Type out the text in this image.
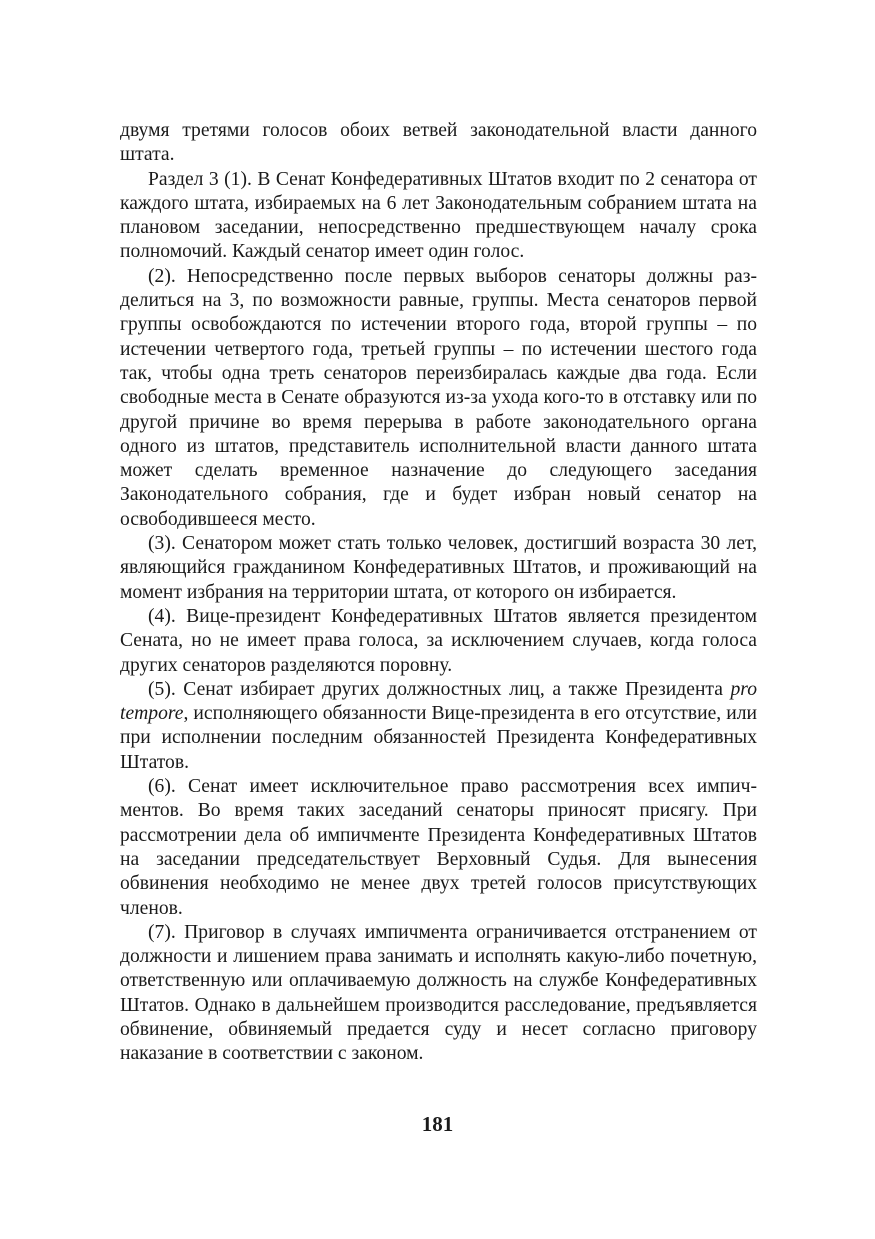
двумя третями голосов обоих ветвей законодательной власти данного штата.

Раздел 3 (1). В Сенат Конфедеративных Штатов входит по 2 сенатора от каждого штата, избираемых на 6 лет Законодательным собранием штата на плановом заседании, непосредственно предшествующем началу срока полномочий. Каждый сенатор имеет один голос.

(2). Непосредственно после первых выборов сенаторы должны разделиться на 3, по возможности равные, группы. Места сенаторов первой группы освобождаются по истечении второго года, второй группы – по истечении четвертого года, третьей группы – по истечении шестого года так, чтобы одна треть сенаторов переизбиралась каждые два года. Если свободные места в Сенате образуются из-за ухода кого-то в отставку или по другой причине во время перерыва в работе законодательного органа одного из штатов, представитель исполнительной власти данного штата может сделать временное назначение до следующего заседания Законодательного собрания, где и будет избран новый сенатор на освободившееся место.

(3). Сенатором может стать только человек, достигший возраста 30 лет, являющийся гражданином Конфедеративных Штатов, и проживающий на момент избрания на территории штата, от которого он избирается.

(4). Вице-президент Конфедеративных Штатов является президентом Сената, но не имеет права голоса, за исключением случаев, когда голоса других сенаторов разделяются поровну.

(5). Сенат избирает других должностных лиц, а также Президента pro tempore, исполняющего обязанности Вице-президента в его отсутствие, или при исполнении последним обязанностей Президента Конфедеративных Штатов.

(6). Сенат имеет исключительное право рассмотрения всех импичментов. Во время таких заседаний сенаторы приносят присягу. При рассмотрении дела об импичменте Президента Конфедеративных Штатов на заседании председательствует Верховный Судья. Для вынесения обвинения необходимо не менее двух третей голосов присутствующих членов.

(7). Приговор в случаях импичмента ограничивается отстранением от должности и лишением права занимать и исполнять какую-либо почетную, ответственную или оплачиваемую должность на службе Конфедеративных Штатов. Однако в дальнейшем производится расследование, предъявляется обвинение, обвиняемый предается суду и несет согласно приговору наказание в соответствии с законом.

181
